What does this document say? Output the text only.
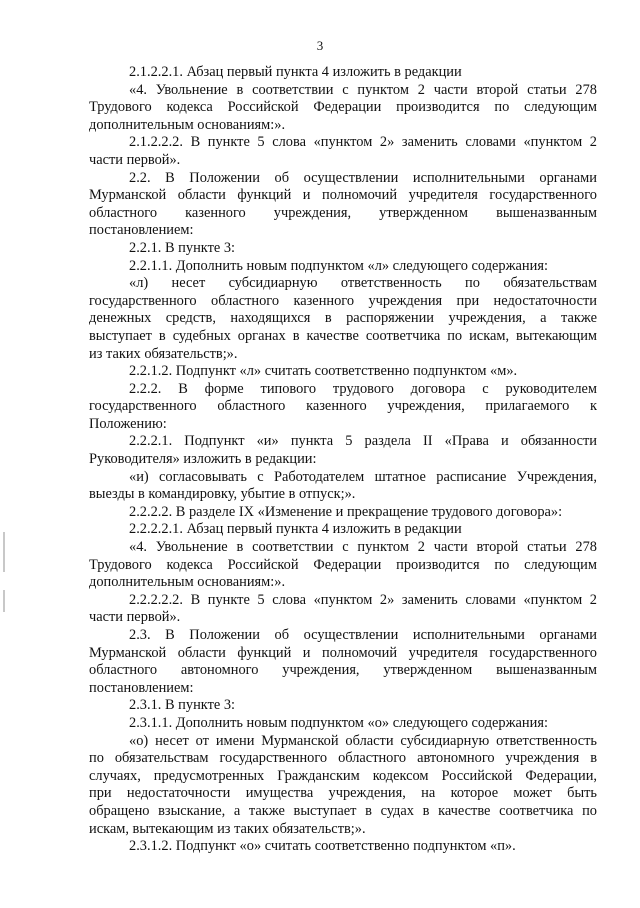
3
2.1.2.2.1. Абзац первый пункта 4 изложить в редакции
«4. Увольнение в соответствии с пунктом 2 части второй статьи 278
Трудового кодекса Российской Федерации производится по следующим
дополнительным основаниям:».
2.1.2.2.2. В пункте 5 слова «пунктом 2» заменить словами «пунктом 2
части первой».
2.2. В Положении об осуществлении исполнительными органами
Мурманской области функций и полномочий учредителя государственного
областного казенного учреждения, утвержденном вышеназванным
постановлением:
2.2.1. В пункте 3:
2.2.1.1. Дополнить новым подпунктом «л» следующего содержания:
«л) несет субсидиарную ответственность по обязательствам
государственного областного казенного учреждения при недостаточности
денежных средств, находящихся в распоряжении учреждения, а также
выступает в судебных органах в качестве соответчика по искам, вытекающим
из таких обязательств;».
2.2.1.2. Подпункт «л» считать соответственно подпунктом «м».
2.2.2. В форме типового трудового договора с руководителем
государственного областного казенного учреждения, прилагаемого к
Положению:
2.2.2.1. Подпункт «и» пункта 5 раздела II «Права и обязанности
Руководителя» изложить в редакции:
«и) согласовывать с Работодателем штатное расписание Учреждения,
выезды в командировку, убытие в отпуск;».
2.2.2.2. В разделе IX «Изменение и прекращение трудового договора»:
2.2.2.2.1. Абзац первый пункта 4 изложить в редакции
«4. Увольнение в соответствии с пунктом 2 части второй статьи 278
Трудового кодекса Российской Федерации производится по следующим
дополнительным основаниям:».
2.2.2.2.2. В пункте 5 слова «пунктом 2» заменить словами «пунктом 2
части первой».
2.3. В Положении об осуществлении исполнительными органами
Мурманской области функций и полномочий учредителя государственного
областного автономного учреждения, утвержденном вышеназванным
постановлением:
2.3.1. В пункте 3:
2.3.1.1. Дополнить новым подпунктом «о» следующего содержания:
«о) несет от имени Мурманской области субсидиарную ответственность
по обязательствам государственного областного автономного учреждения в
случаях, предусмотренных Гражданским кодексом Российской Федерации,
при недостаточности имущества учреждения, на которое может быть
обращено взыскание, а также выступает в судах в качестве соответчика по
искам, вытекающим из таких обязательств;».
2.3.1.2. Подпункт «о» считать соответственно подпунктом «п».
